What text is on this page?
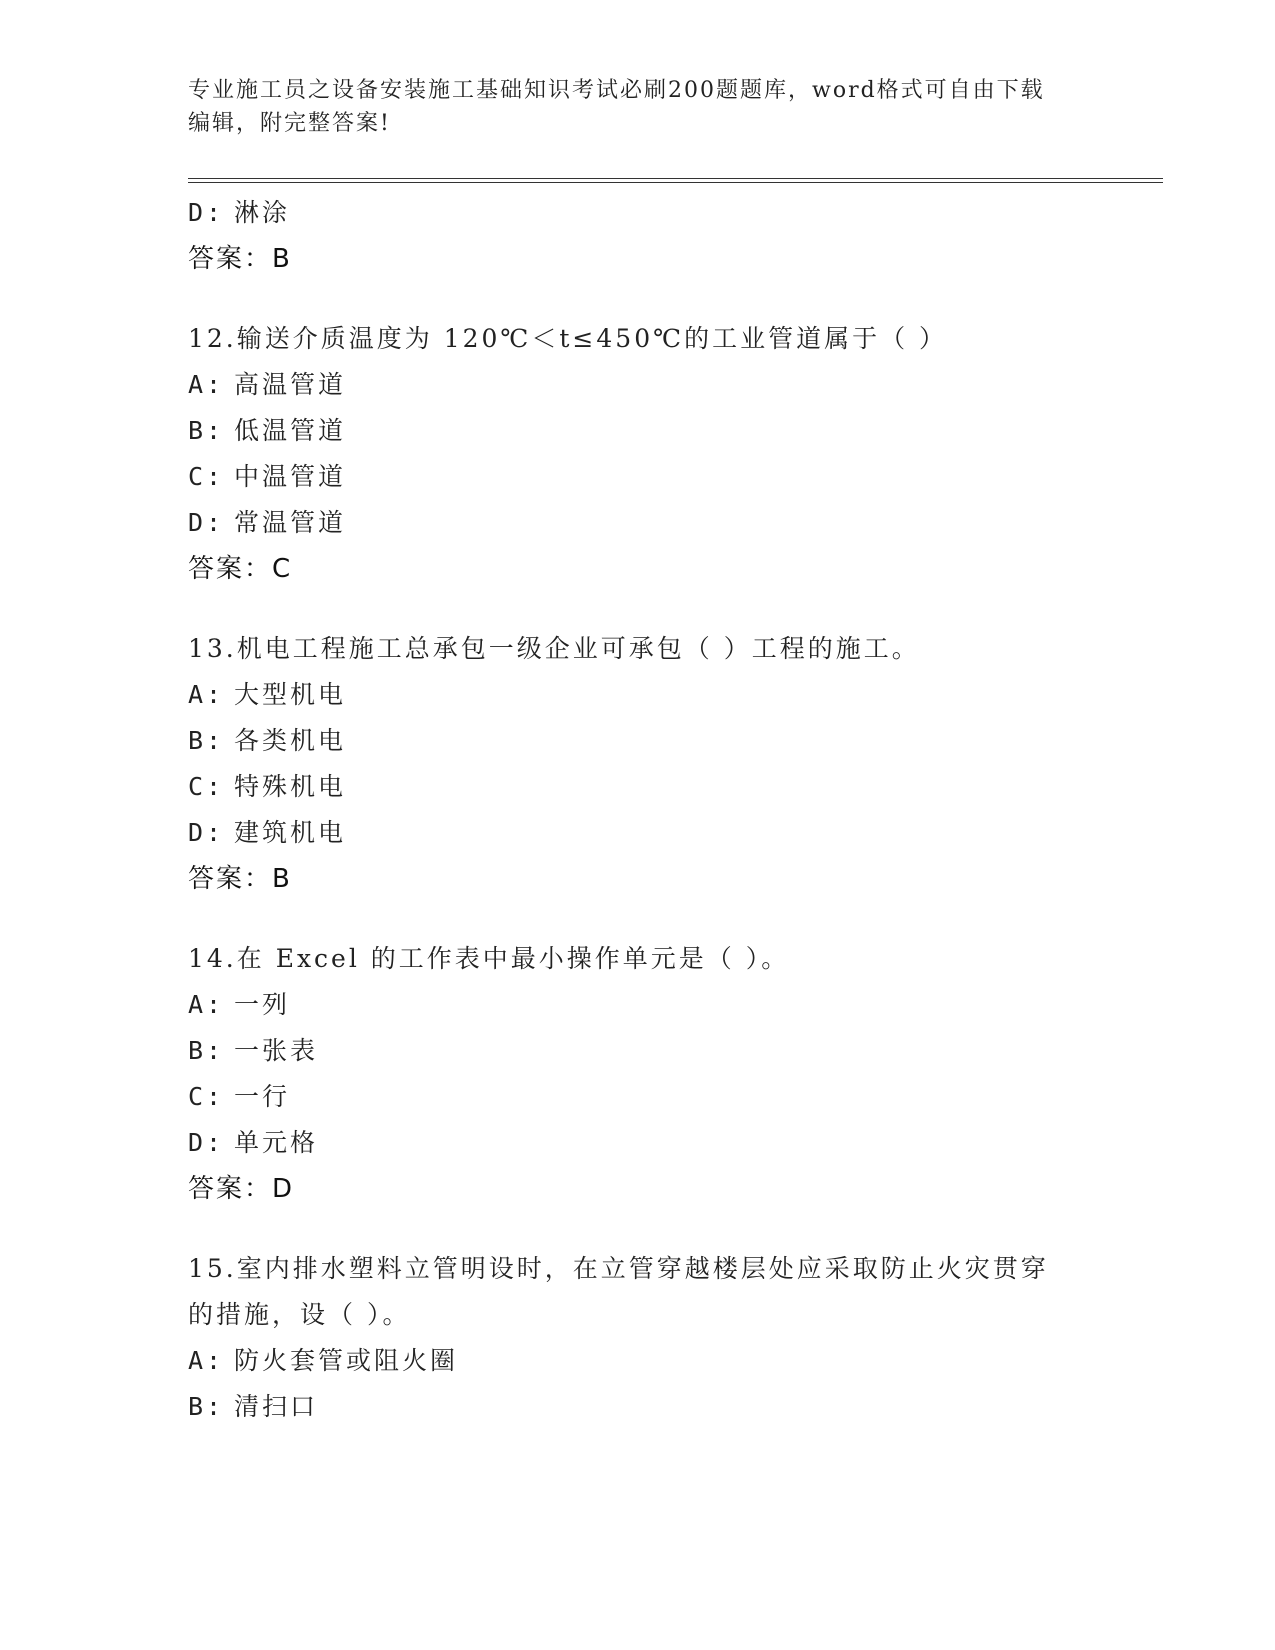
专业施工员之设备安装施工基础知识考试必刷200题题库，word格式可自由下载
编辑，附完整答案!
D: 淋涂
答案：B
12.输送介质温度为 120℃＜t≤450℃的工业管道属于（ ）
A: 高温管道
B: 低温管道
C: 中温管道
D: 常温管道
答案：C
13.机电工程施工总承包一级企业可承包（ ）工程的施工。
A: 大型机电
B: 各类机电
C: 特殊机电
D: 建筑机电
答案：B
14.在 Excel 的工作表中最小操作单元是（ ）。
A: 一列
B: 一张表
C: 一行
D: 单元格
答案：D
15.室内排水塑料立管明设时，在立管穿越楼层处应采取防止火灾贯穿
的措施，设（ ）。
A: 防火套管或阻火圈
B: 清扫口
